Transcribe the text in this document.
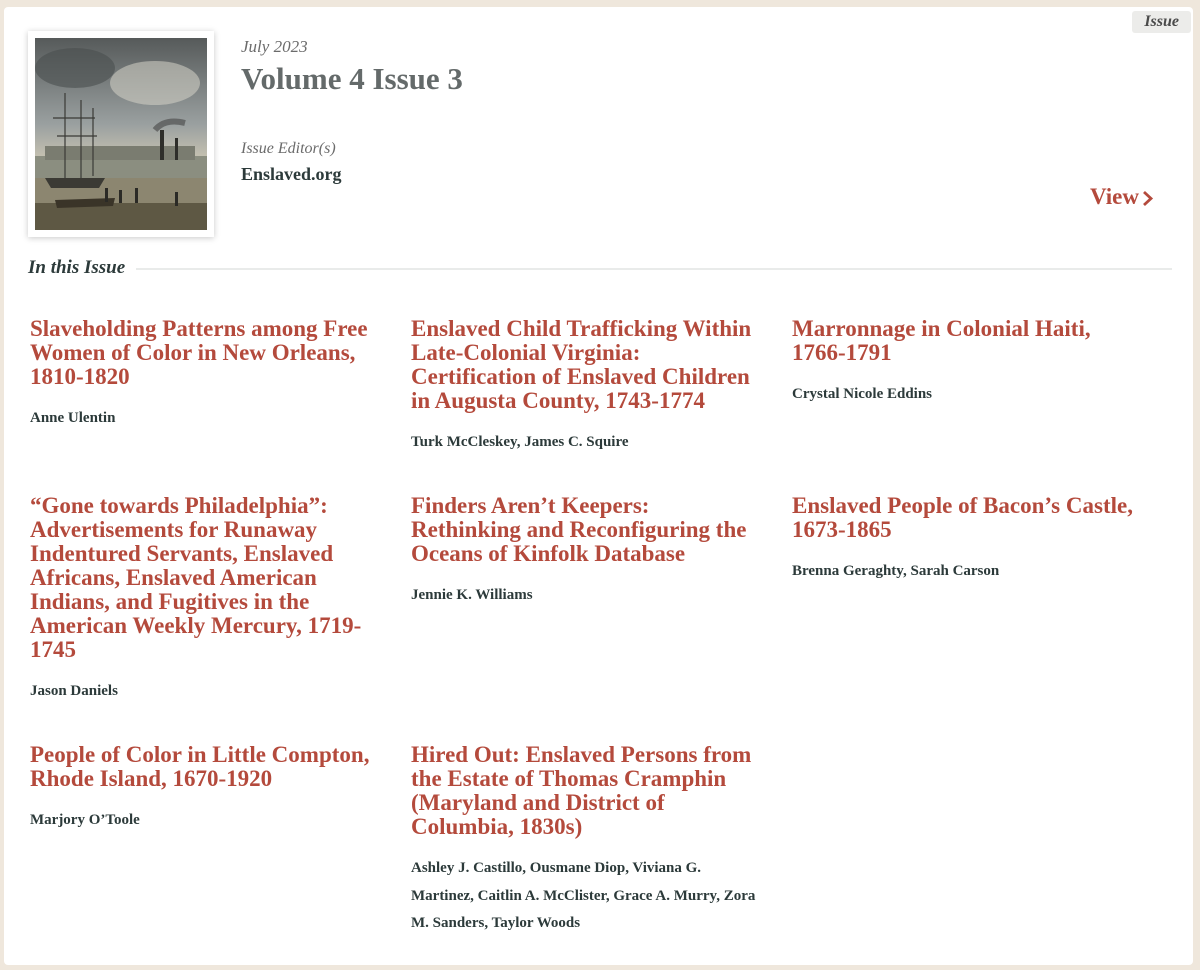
Issue
July 2023
Volume 4 Issue 3
Issue Editor(s)
Enslaved.org
View
In this Issue
Slaveholding Patterns among Free Women of Color in New Orleans, 1810-1820

Anne Ulentin

Enslaved Child Trafficking Within Late-Colonial Virginia: Certification of Enslaved Children in Augusta County, 1743-1774

Turk McCleskey, James C. Squire

Marronnage in Colonial Haiti, 1766-1791

Crystal Nicole Eddins

“Gone towards Philadelphia”: Advertisements for Runaway Indentured Servants, Enslaved Africans, Enslaved American Indians, and Fugitives in the American Weekly Mercury, 1719-1745

Jason Daniels

Finders Aren’t Keepers: Rethinking and Reconfiguring the Oceans of Kinfolk Database

Jennie K. Williams

Enslaved People of Bacon’s Castle, 1673-1865

Brenna Geraghty, Sarah Carson

People of Color in Little Compton, Rhode Island, 1670-1920

Marjory O’Toole

Hired Out: Enslaved Persons from the Estate of Thomas Cramphin (Maryland and District of Columbia, 1830s)

Ashley J. Castillo, Ousmane Diop, Viviana G. Martinez, Caitlin A. McClister, Grace A. Murry, Zora M. Sanders, Taylor Woods
